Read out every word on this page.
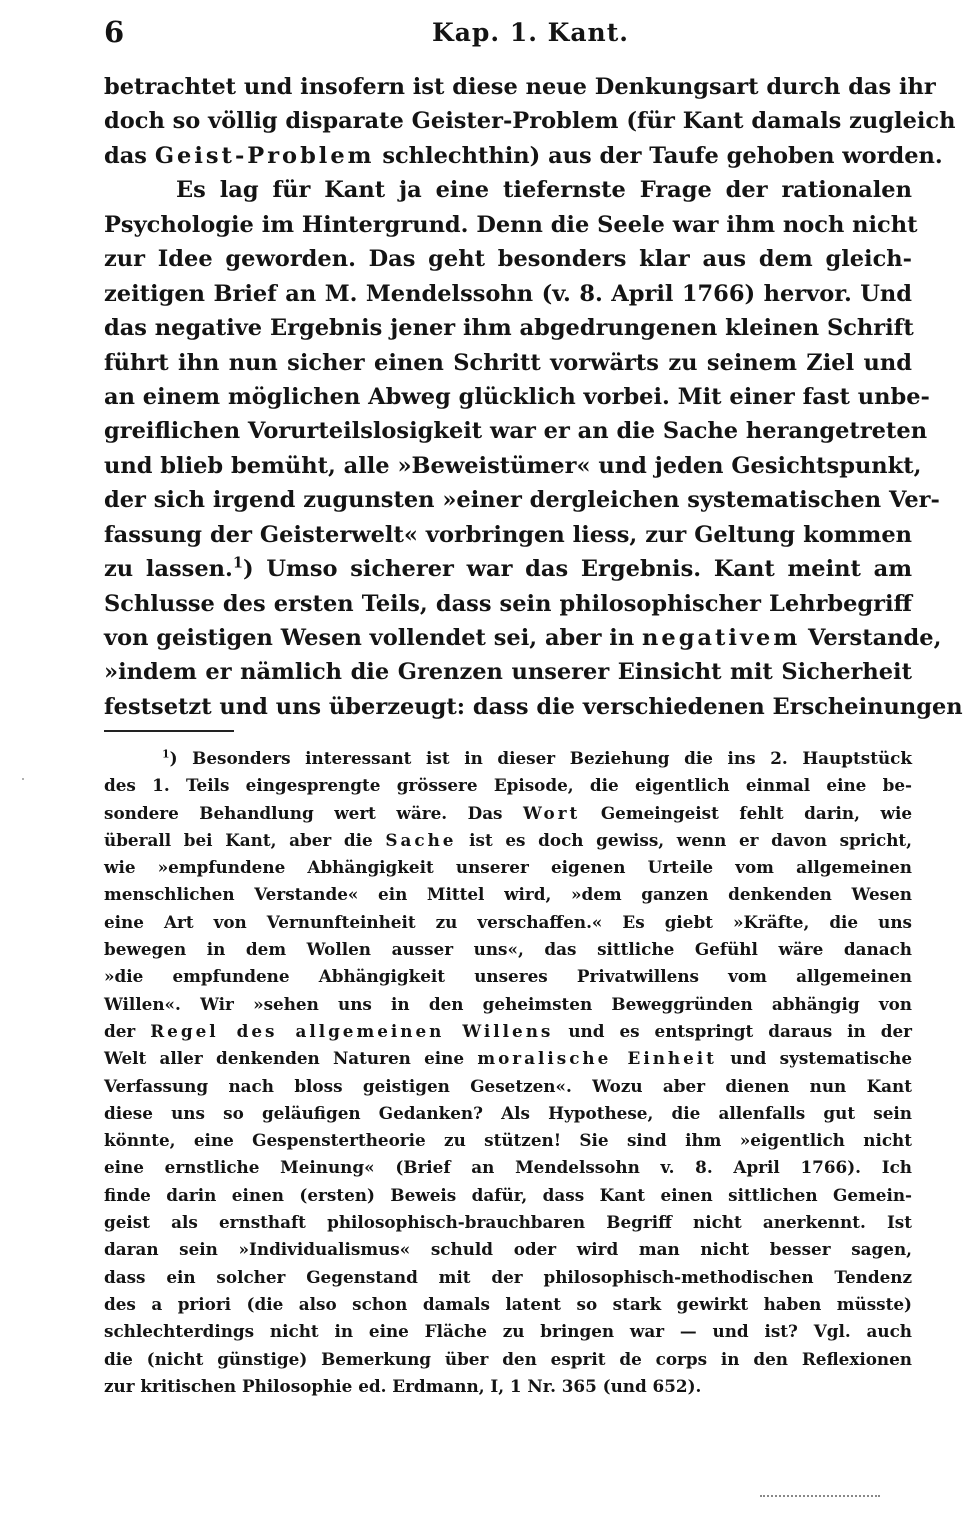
6	Kap. 1. Kant.
betrachtet und insofern ist diese neue Denkungsart durch das ihr
doch so völlig disparate Geister-Problem (für Kant damals zugleich
das Geist-Problem schlechthin) aus der Taufe gehoben worden.
Es lag für Kant ja eine tiefernste Frage der rationalen
Psychologie im Hintergrund. Denn die Seele war ihm noch nicht
zur Idee geworden. Das geht besonders klar aus dem gleich-
zeitigen Brief an M. Mendelssohn (v. 8. April 1766) hervor. Und
das negative Ergebnis jener ihm abgedrungenen kleinen Schrift
führt ihn nun sicher einen Schritt vorwärts zu seinem Ziel und
an einem möglichen Abweg glücklich vorbei. Mit einer fast unbe-
greiflichen Vorurteilslosigkeit war er an die Sache herangetreten
und blieb bemüht, alle »Beweistümer« und jeden Gesichtspunkt,
der sich irgend zugunsten »einer dergleichen systematischen Ver-
fassung der Geisterwelt« vorbringen liess, zur Geltung kommen
zu lassen.$^1$) Umso sicherer war das Ergebnis. Kant meint am
Schlusse des ersten Teils, dass sein philosophischer Lehrbegriff
von geistigen Wesen vollendet sei, aber in negativem Verstande,
»indem er nämlich die Grenzen unserer Einsicht mit Sicherheit
festsetzt und uns überzeugt: dass die verschiedenen Erscheinungen
$^1$) Besonders interessant ist in dieser Beziehung die ins 2. Hauptstück
des 1. Teils eingesprengte grössere Episode, die eigentlich einmal eine be-
sondere Behandlung wert wäre. Das Wort Gemeingeist fehlt darin, wie
überall bei Kant, aber die Sache ist es doch gewiss, wenn er davon spricht,
wie »empfundene Abhängigkeit unserer eigenen Urteile vom allgemeinen
menschlichen Verstande« ein Mittel wird, »dem ganzen denkenden Wesen
eine Art von Vernunfteinheit zu verschaffen.« Es giebt »Kräfte, die uns
bewegen in dem Wollen ausser uns«, das sittliche Gefühl wäre danach
»die empfundene Abhängigkeit unseres Privatwillens vom allgemeinen
Willen«. Wir »sehen uns in den geheimsten Beweggründen abhängig von
der Regel des allgemeinen Willens und es entspringt daraus in der
Welt aller denkenden Naturen eine moralische Einheit und systematische
Verfassung nach bloss geistigen Gesetzen«. Wozu aber dienen nun Kant
diese uns so geläufigen Gedanken? Als Hypothese, die allenfalls gut sein
könnte, eine Gespenstertheorie zu stützen! Sie sind ihm »eigentlich nicht
eine ernstliche Meinung« (Brief an Mendelssohn v. 8. April 1766). Ich
finde darin einen (ersten) Beweis dafür, dass Kant einen sittlichen Gemein-
geist als ernsthaft philosophisch-brauchbaren Begriff nicht anerkennt. Ist
daran sein »Individualismus« schuld oder wird man nicht besser sagen,
dass ein solcher Gegenstand mit der philosophisch-methodischen Tendenz
des a priori (die also schon damals latent so stark gewirkt haben müsste)
schlechterdings nicht in eine Fläche zu bringen war — und ist? Vgl. auch
die (nicht günstige) Bemerkung über den esprit de corps in den Reflexionen
zur kritischen Philosophie ed. Erdmann, I, 1 Nr. 365 (und 652).
